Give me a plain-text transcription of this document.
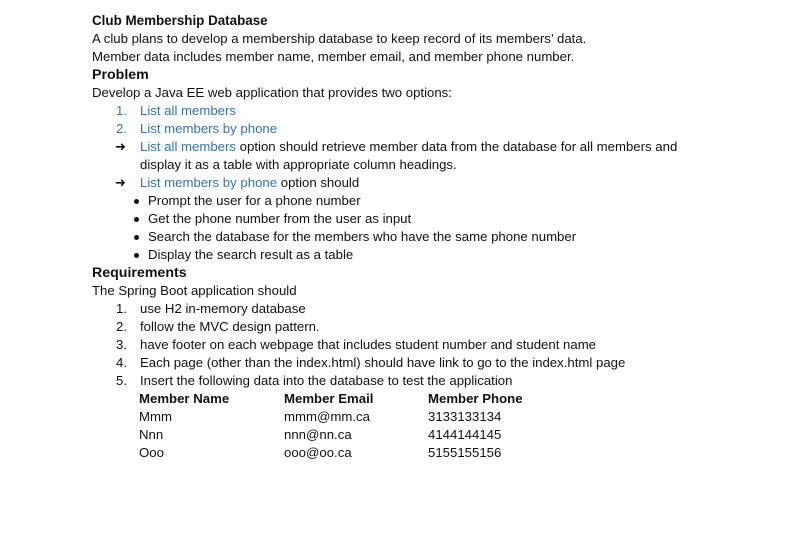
Club Membership Database
A club plans to develop a membership database to keep record of its members’ data.
Member data includes member name, member email, and member phone number.
Problem
Develop a Java EE web application that provides two options:
1. List all members
2. List members by phone
➜ List all members option should retrieve member data from the database for all members and
display it as a table with appropriate column headings.
➜ List members by phone option should
Prompt the user for a phone number
Get the phone number from the user as input
Search the database for the members who have the same phone number
Display the search result as a table
Requirements
The Spring Boot application should
1. use H2 in-memory database
2. follow the MVC design pattern.
3. have footer on each webpage that includes student number and student name
4. Each page (other than the index.html) should have link to go to the index.html page
5. Insert the following data into the database to test the application
Member Name	Member Email	Member Phone
Mmm	mmm@mm.ca	3133133134
Nnn	nnn@nn.ca	4144144145
Ooo	ooo@oo.ca	5155155156
